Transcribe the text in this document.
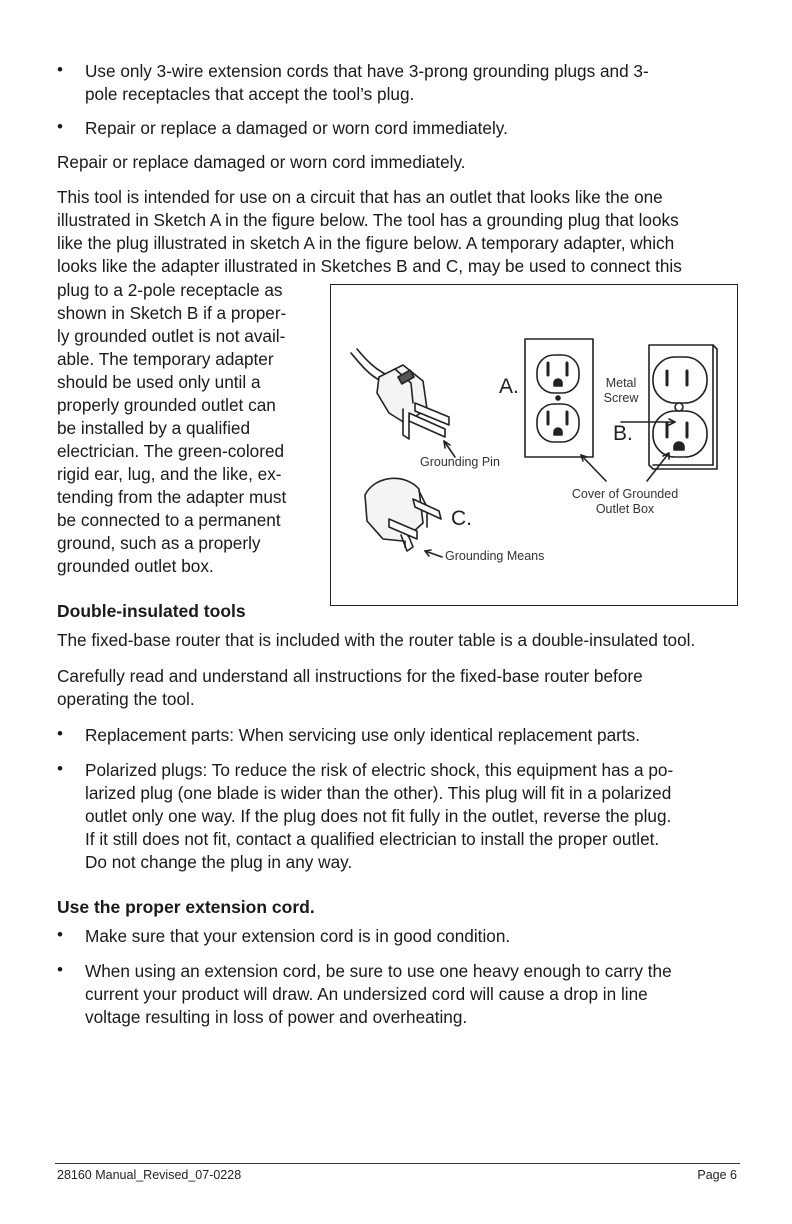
• Use only 3-wire extension cords that have 3-prong grounding plugs and 3-
pole receptacles that accept the tool’s plug.
• Repair or replace a damaged or worn cord immediately.
Repair or replace damaged or worn cord immediately.
This tool is intended for use on a circuit that has an outlet that looks like the one
illustrated in Sketch A in the figure below. The tool has a grounding plug that looks
like the plug illustrated in sketch A in the figure below. A temporary adapter, which
looks like the adapter illustrated in Sketches B and C, may be used to connect this
plug to a 2-pole receptacle as
shown in Sketch B if a proper-
ly grounded outlet is not avail-
able. The temporary adapter
should be used only until a
properly grounded outlet can
be installed by a qualified
electrician. The green-colored
rigid ear, lug, and the like, ex-
tending from the adapter must
be connected to a permanent
ground, such as a properly
grounded outlet box.
A.
B.
C.
Grounding Pin
Metal
Screw
Cover of Grounded
Outlet Box
Grounding Means
Double-insulated tools
The fixed-base router that is included with the router table is a double-insulated tool.
Carefully read and understand all instructions for the fixed-base router before
operating the tool.
• Replacement parts: When servicing use only identical replacement parts.
• Polarized plugs: To reduce the risk of electric shock, this equipment has a po-
larized plug (one blade is wider than the other). This plug will fit in a polarized
outlet only one way. If the plug does not fit fully in the outlet, reverse the plug.
If it still does not fit, contact a qualified electrician to install the proper outlet.
Do not change the plug in any way.
Use the proper extension cord.
• Make sure that your extension cord is in good condition.
• When using an extension cord, be sure to use one heavy enough to carry the
current your product will draw. An undersized cord will cause a drop in line
voltage resulting in loss of power and overheating.
28160 Manual_Revised_07-0228	Page 6
